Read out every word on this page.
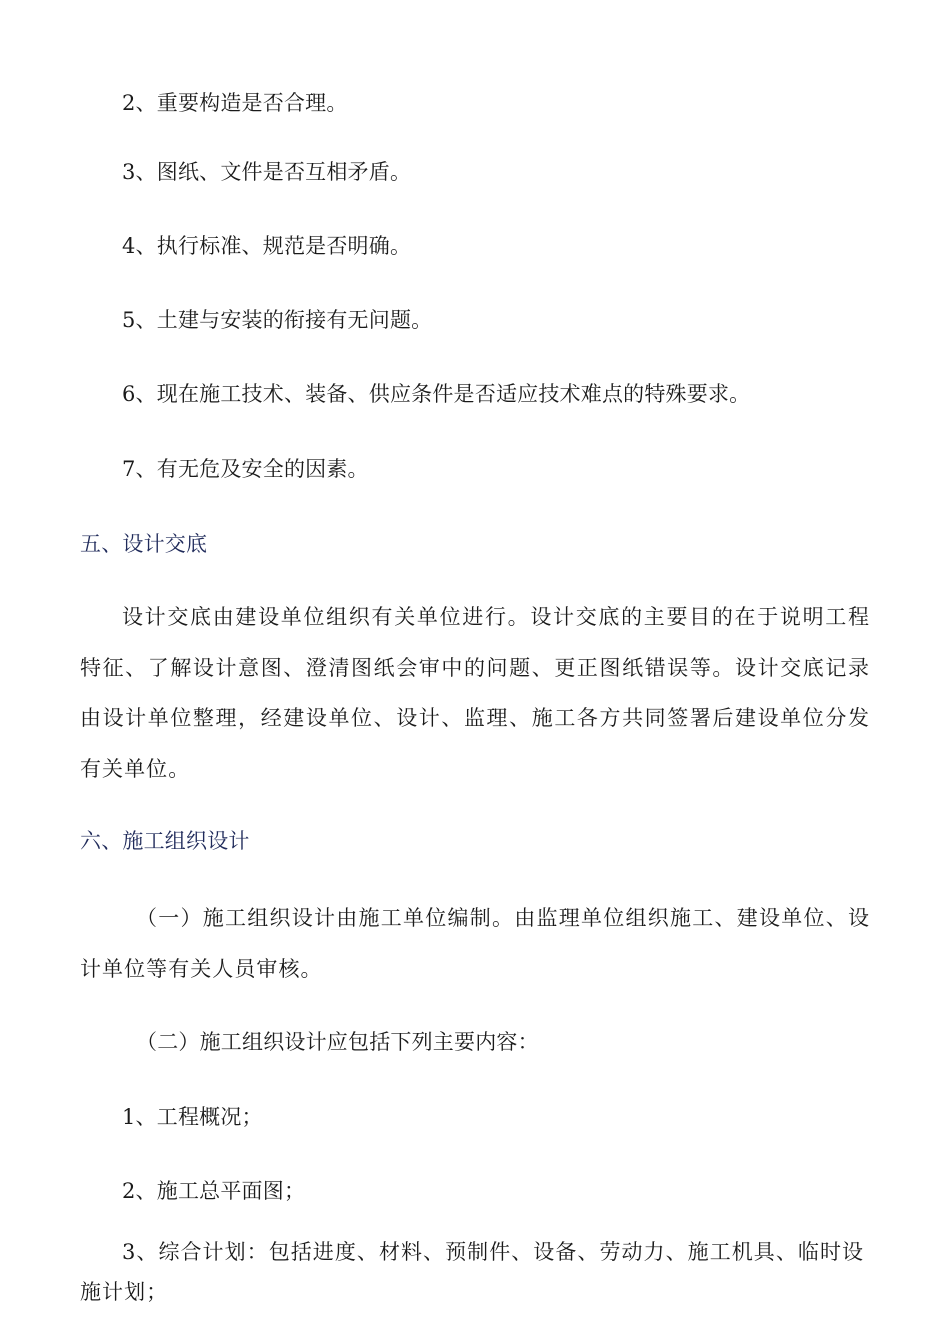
2、重要构造是否合理。
3、图纸、文件是否互相矛盾。
4、执行标准、规范是否明确。
5、土建与安装的衔接有无问题。
6、现在施工技术、装备、供应条件是否适应技术难点的特殊要求。
7、有无危及安全的因素。
五、设计交底
设计交底由建设单位组织有关单位进行。设计交底的主要目的在于说明工程特征、了解设计意图、澄清图纸会审中的问题、更正图纸错误等。设计交底记录由设计单位整理，经建设单位、设计、监理、施工各方共同签署后建设单位分发有关单位。
六、施工组织设计
（一）施工组织设计由施工单位编制。由监理单位组织施工、建设单位、设计单位等有关人员审核。
（二）施工组织设计应包括下列主要内容：
1、工程概况；
2、施工总平面图；
3、综合计划：包括进度、材料、预制件、设备、劳动力、施工机具、临时设施计划；
